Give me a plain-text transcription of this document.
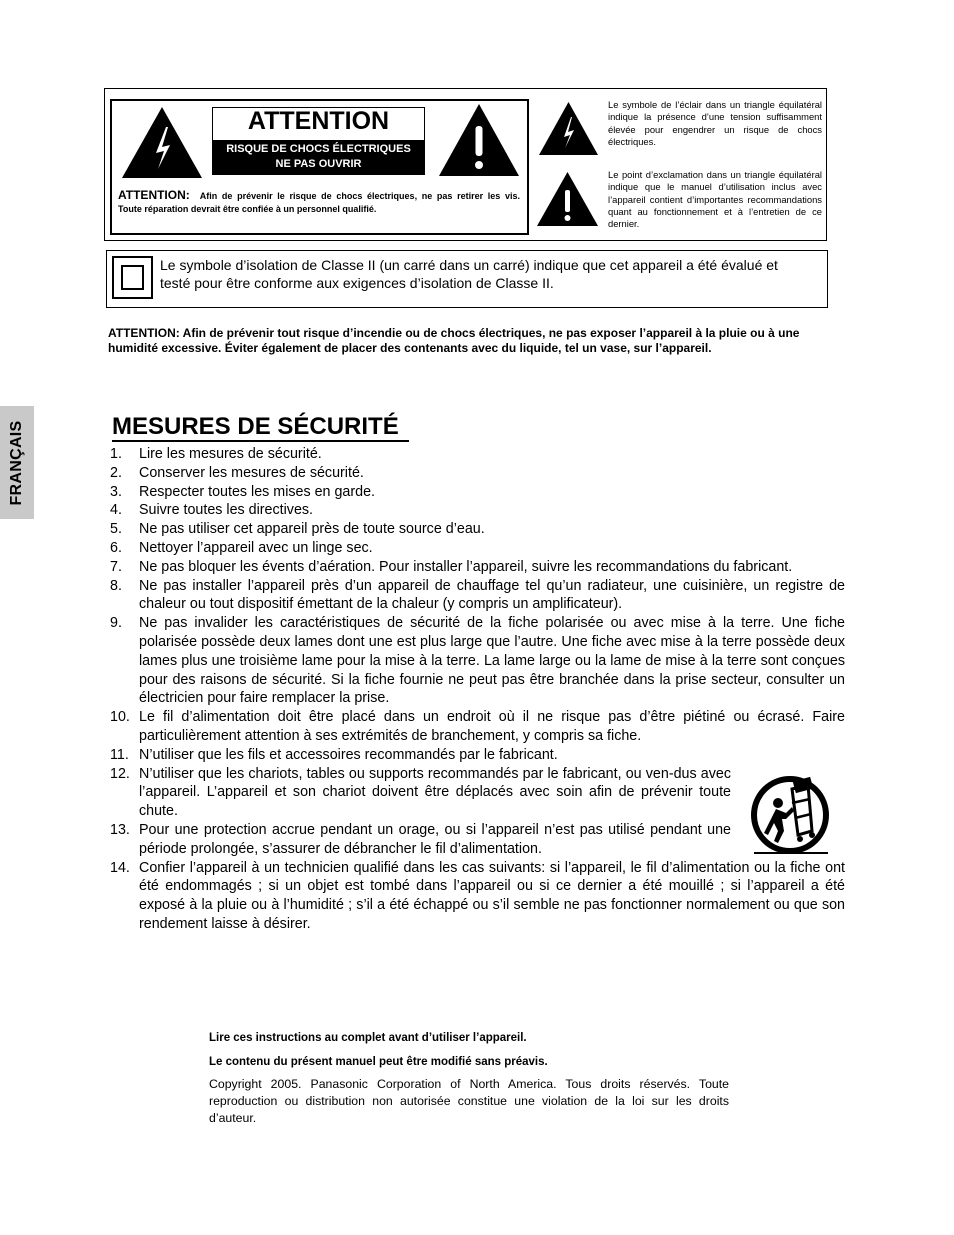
ATTENTION
RISQUE DE CHOCS ÉLECTRIQUES
NE PAS OUVRIR
ATTENTION: Afin de prévenir le risque de chocs électriques, ne pas retirer les vis. Toute réparation devrait être confiée à un personnel qualifié.
Le symbole de l’éclair dans un triangle équilatéral indique la présence d’une tension suffisamment élevée pour engendrer un risque de chocs électriques.
Le point d’exclamation dans un triangle équilatéral indique que le manuel d’utilisation inclus avec l’appareil contient d’importantes recommandations quant au fonctionnement et à l’entretien de ce dernier.
Le symbole d’isolation de Classe II (un carré dans un carré) indique que cet appareil a été évalué et testé pour être conforme aux exigences d’isolation de Classe II.
ATTENTION: Afin de prévenir tout risque d’incendie ou de chocs électriques, ne pas exposer l’appareil à la pluie ou à une humidité excessive. Éviter également de placer des contenants avec du liquide, tel un vase, sur l’appareil.
FRANÇAIS	MESURES DE SÉCURITÉ
1. Lire les mesures de sécurité.
2. Conserver les mesures de sécurité.
3. Respecter toutes les mises en garde.
4. Suivre toutes les directives.
5. Ne pas utiliser cet appareil près de toute source d’eau.
6. Nettoyer l’appareil avec un linge sec.
7. Ne pas bloquer les évents d’aération. Pour installer l’appareil, suivre les recommandations du fabricant.
8. Ne pas installer l’appareil près d’un appareil de chauffage tel qu’un radiateur, une cuisinière, un registre de chaleur ou tout dispositif émettant de la chaleur (y compris un amplificateur).
9. Ne pas invalider les caractéristiques de sécurité de la fiche polarisée ou avec mise à la terre. Une fiche polarisée possède deux lames dont une est plus large que l’autre. Une fiche avec mise à la terre possède deux lames plus une troisième lame pour la mise à la terre. La lame large ou la lame de mise à la terre sont conçues pour des raisons de sécurité. Si la fiche fournie ne peut pas être branchée dans la prise secteur, consulter un électricien pour faire remplacer la prise.
10. Le fil d’alimentation doit être placé dans un endroit où il ne risque pas d’être piétiné ou écrasé. Faire particulièrement attention à ses extrémités de branchement, y compris sa fiche.
11. N’utiliser que les fils et accessoires recommandés par le fabricant.
12. N’utiliser que les chariots, tables ou supports recommandés par le fabricant, ou ven-dus avec l’appareil. L’appareil et son chariot doivent être déplacés avec soin afin de prévenir toute chute.
13. Pour une protection accrue pendant un orage, ou si l’appareil n’est pas utilisé pendant une période prolongée, s’assurer de débrancher le fil d’alimentation.
14. Confier l’appareil à un technicien qualifié dans les cas suivants: si l’appareil, le fil d’alimentation ou la fiche ont été endommagés ; si un objet est tombé dans l’appareil ou si ce dernier a été mouillé ; si l’appareil a été exposé à la pluie ou à l’humidité ; s’il a été échappé ou s’il semble ne pas fonctionner normalement ou que son rendement laisse à désirer.
Lire ces instructions au complet avant d’utiliser l’appareil.
Le contenu du présent manuel peut être modifié sans préavis.
Copyright 2005. Panasonic Corporation of North America. Tous droits réservés. Toute reproduction ou distribution non autorisée constitue une violation de la loi sur les droits d’auteur.
